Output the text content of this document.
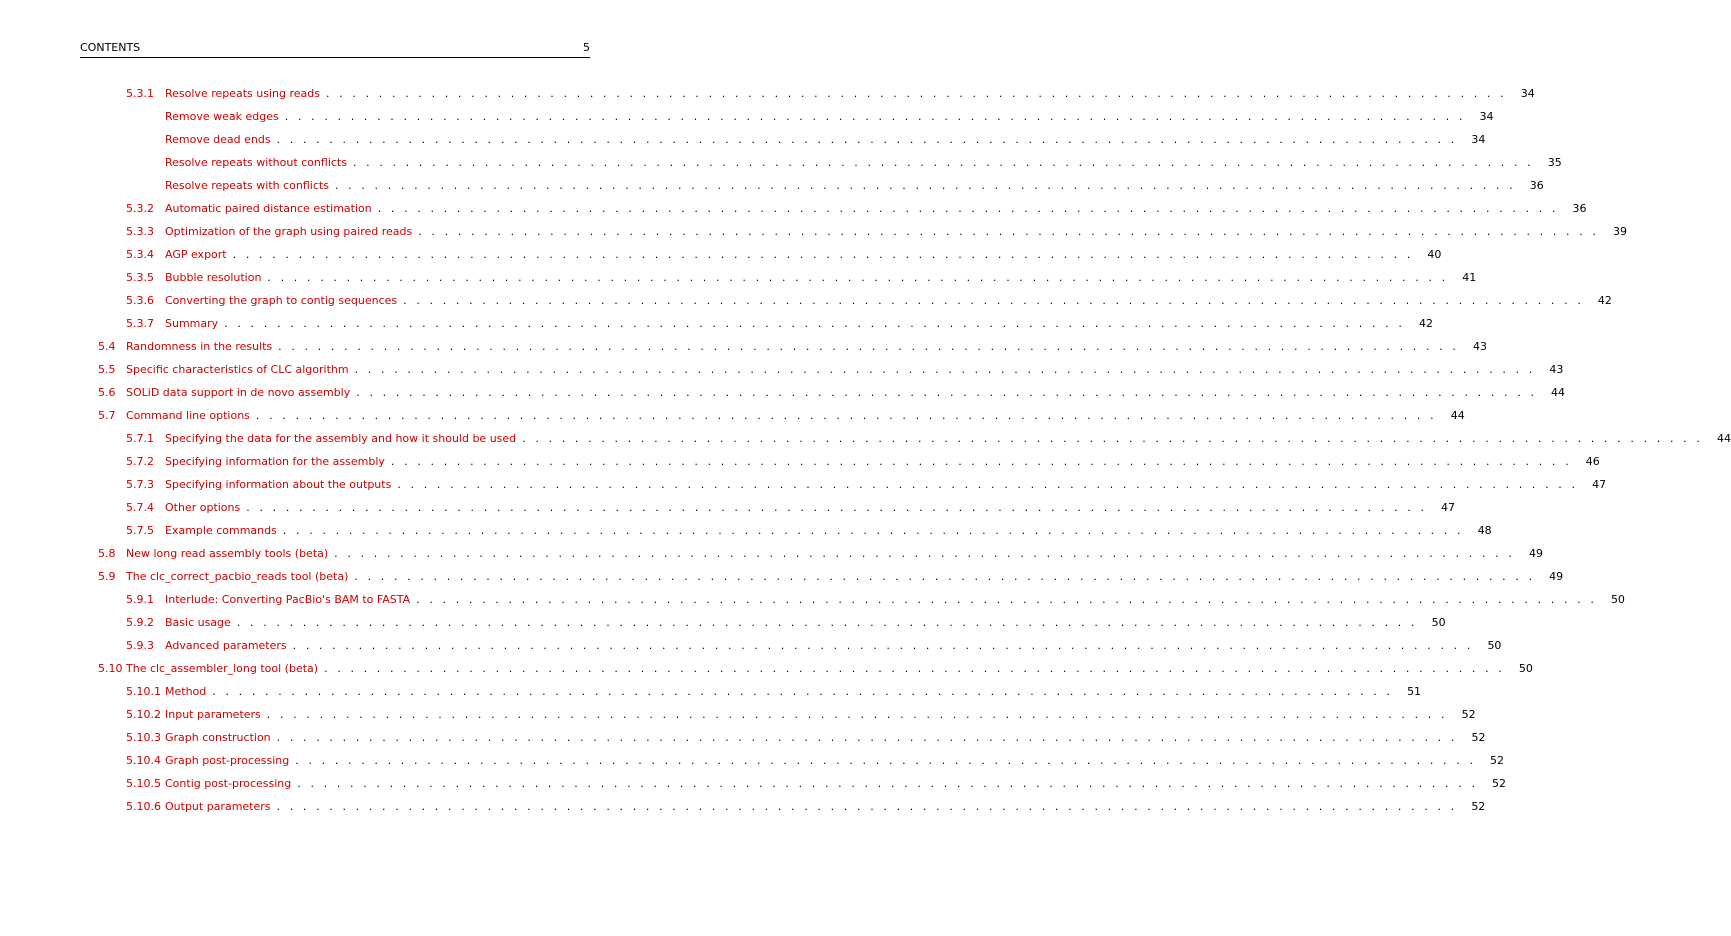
CONTENTS	5
5.3.1	Resolve repeats using reads . . . . . . . . . . . . . . . . . . . . . . . . . . . . . . . . . . . . . . . . . . . . . . . . . . . . . . . . . . . . . . . . . . . . . . . . . . . . . . . . . . . . . . . . . .	34
Remove weak edges . . . . . . . . . . . . . . . . . . . . . . . . . . . . . . . . . . . . . . . . . . . . . . . . . . . . . . . . . . . . . . . . . . . . . . . . . . . . . . . . . . . . . . . . . .	34
Remove dead ends . . . . . . . . . . . . . . . . . . . . . . . . . . . . . . . . . . . . . . . . . . . . . . . . . . . . . . . . . . . . . . . . . . . . . . . . . . . . . . . . . . . . . . . . . .	34
Resolve repeats without conflicts . . . . . . . . . . . . . . . . . . . . . . . . . . . . . . . . . . . . . . . . . . . . . . . . . . . . . . . . . . . . . . . . . . . . . . . . . . . . . . . . . . . . . . . . . .	35
Resolve repeats with conflicts . . . . . . . . . . . . . . . . . . . . . . . . . . . . . . . . . . . . . . . . . . . . . . . . . . . . . . . . . . . . . . . . . . . . . . . . . . . . . . . . . . . . . . . . . .	36
5.3.2	Automatic paired distance estimation . . . . . . . . . . . . . . . . . . . . . . . . . . . . . . . . . . . . . . . . . . . . . . . . . . . . . . . . . . . . . . . . . . . . . . . . . . . . . . . . . . . . . . . . . .	36
5.3.3	Optimization of the graph using paired reads . . . . . . . . . . . . . . . . . . . . . . . . . . . . . . . . . . . . . . . . . . . . . . . . . . . . . . . . . . . . . . . . . . . . . . . . . . . . . . . . . . . . . . . . . .	39
5.3.4	AGP export . . . . . . . . . . . . . . . . . . . . . . . . . . . . . . . . . . . . . . . . . . . . . . . . . . . . . . . . . . . . . . . . . . . . . . . . . . . . . . . . . . . . . . . . . .	40
5.3.5	Bubble resolution . . . . . . . . . . . . . . . . . . . . . . . . . . . . . . . . . . . . . . . . . . . . . . . . . . . . . . . . . . . . . . . . . . . . . . . . . . . . . . . . . . . . . . . . . .	41
5.3.6	Converting the graph to contig sequences . . . . . . . . . . . . . . . . . . . . . . . . . . . . . . . . . . . . . . . . . . . . . . . . . . . . . . . . . . . . . . . . . . . . . . . . . . . . . . . . . . . . . . . . . .	42
5.3.7	Summary . . . . . . . . . . . . . . . . . . . . . . . . . . . . . . . . . . . . . . . . . . . . . . . . . . . . . . . . . . . . . . . . . . . . . . . . . . . . . . . . . . . . . . . . . .	42
5.4 Randomness in the results . . . . . . . . . . . . . . . . . . . . . . . . . . . . . . . . . . . . . . . . . . . . . . . . . . . . . . . . . . . . . . . . . . . . . . . . . . . . . . . . . . . . . . . . . .	43
5.5 Specific characteristics of CLC algorithm . . . . . . . . . . . . . . . . . . . . . . . . . . . . . . . . . . . . . . . . . . . . . . . . . . . . . . . . . . . . . . . . . . . . . . . . . . . . . . . . . . . . . . . . . .	43
5.6 SOLiD data support in de novo assembly . . . . . . . . . . . . . . . . . . . . . . . . . . . . . . . . . . . . . . . . . . . . . . . . . . . . . . . . . . . . . . . . . . . . . . . . . . . . . . . . . . . . . . . . . .	44
5.7 Command line options . . . . . . . . . . . . . . . . . . . . . . . . . . . . . . . . . . . . . . . . . . . . . . . . . . . . . . . . . . . . . . . . . . . . . . . . . . . . . . . . . . . . . . . . . .	44
5.7.1	Specifying the data for the assembly and how it should be used . . . . . . . . . . . . . . . . . . . . . . . . . . . . . . . . . . . . . . . . . . . . . . . . . . . . . . . . . . . . . . . . . . . . . . . . . . . . . . . . . . . . . . . . . .	44
5.7.2	Specifying information for the assembly . . . . . . . . . . . . . . . . . . . . . . . . . . . . . . . . . . . . . . . . . . . . . . . . . . . . . . . . . . . . . . . . . . . . . . . . . . . . . . . . . . . . . . . . . .	46
5.7.3	Specifying information about the outputs . . . . . . . . . . . . . . . . . . . . . . . . . . . . . . . . . . . . . . . . . . . . . . . . . . . . . . . . . . . . . . . . . . . . . . . . . . . . . . . . . . . . . . . . . .	47
5.7.4	Other options . . . . . . . . . . . . . . . . . . . . . . . . . . . . . . . . . . . . . . . . . . . . . . . . . . . . . . . . . . . . . . . . . . . . . . . . . . . . . . . . . . . . . . . . . .	47
5.7.5	Example commands . . . . . . . . . . . . . . . . . . . . . . . . . . . . . . . . . . . . . . . . . . . . . . . . . . . . . . . . . . . . . . . . . . . . . . . . . . . . . . . . . . . . . . . . . .	48
5.8 New long read assembly tools (beta) . . . . . . . . . . . . . . . . . . . . . . . . . . . . . . . . . . . . . . . . . . . . . . . . . . . . . . . . . . . . . . . . . . . . . . . . . . . . . . . . . . . . . . . . . .	49
5.9 The clc_correct_pacbio_reads tool (beta) . . . . . . . . . . . . . . . . . . . . . . . . . . . . . . . . . . . . . . . . . . . . . . . . . . . . . . . . . . . . . . . . . . . . . . . . . . . . . . . . . . . . . . . . . .	49
5.9.1	Interlude: Converting PacBio's BAM to FASTA . . . . . . . . . . . . . . . . . . . . . . . . . . . . . . . . . . . . . . . . . . . . . . . . . . . . . . . . . . . . . . . . . . . . . . . . . . . . . . . . . . . . . . . . . .	50
5.9.2	Basic usage . . . . . . . . . . . . . . . . . . . . . . . . . . . . . . . . . . . . . . . . . . . . . . . . . . . . . . . . . . . . . . . . . . . . . . . . . . . . . . . . . . . . . . . . . .	50
5.9.3	Advanced parameters . . . . . . . . . . . . . . . . . . . . . . . . . . . . . . . . . . . . . . . . . . . . . . . . . . . . . . . . . . . . . . . . . . . . . . . . . . . . . . . . . . . . . . . . . .	50
5.10 The clc_assembler_long tool (beta) . . . . . . . . . . . . . . . . . . . . . . . . . . . . . . . . . . . . . . . . . . . . . . . . . . . . . . . . . . . . . . . . . . . . . . . . . . . . . . . . . . . . . . . . . .	50
5.10.1 Method . . . . . . . . . . . . . . . . . . . . . . . . . . . . . . . . . . . . . . . . . . . . . . . . . . . . . . . . . . . . . . . . . . . . . . . . . . . . . . . . . . . . . . . . . .	51
5.10.2 Input parameters . . . . . . . . . . . . . . . . . . . . . . . . . . . . . . . . . . . . . . . . . . . . . . . . . . . . . . . . . . . . . . . . . . . . . . . . . . . . . . . . . . . . . . . . . .	52
5.10.3 Graph construction . . . . . . . . . . . . . . . . . . . . . . . . . . . . . . . . . . . . . . . . . . . . . . . . . . . . . . . . . . . . . . . . . . . . . . . . . . . . . . . . . . . . . . . . . .	52
5.10.4 Graph post-processing . . . . . . . . . . . . . . . . . . . . . . . . . . . . . . . . . . . . . . . . . . . . . . . . . . . . . . . . . . . . . . . . . . . . . . . . . . . . . . . . . . . . . . . . . .	52
5.10.5 Contig post-processing . . . . . . . . . . . . . . . . . . . . . . . . . . . . . . . . . . . . . . . . . . . . . . . . . . . . . . . . . . . . . . . . . . . . . . . . . . . . . . . . . . . . . . . . . .	52
5.10.6 Output parameters . . . . . . . . . . . . . . . . . . . . . . . . . . . . . . . . . . . . . . . . . . . . . . . . . . . . . . . . . . . . . . . . . . . . . . . . . . . . . . . . . . . . . . . . . .	52
